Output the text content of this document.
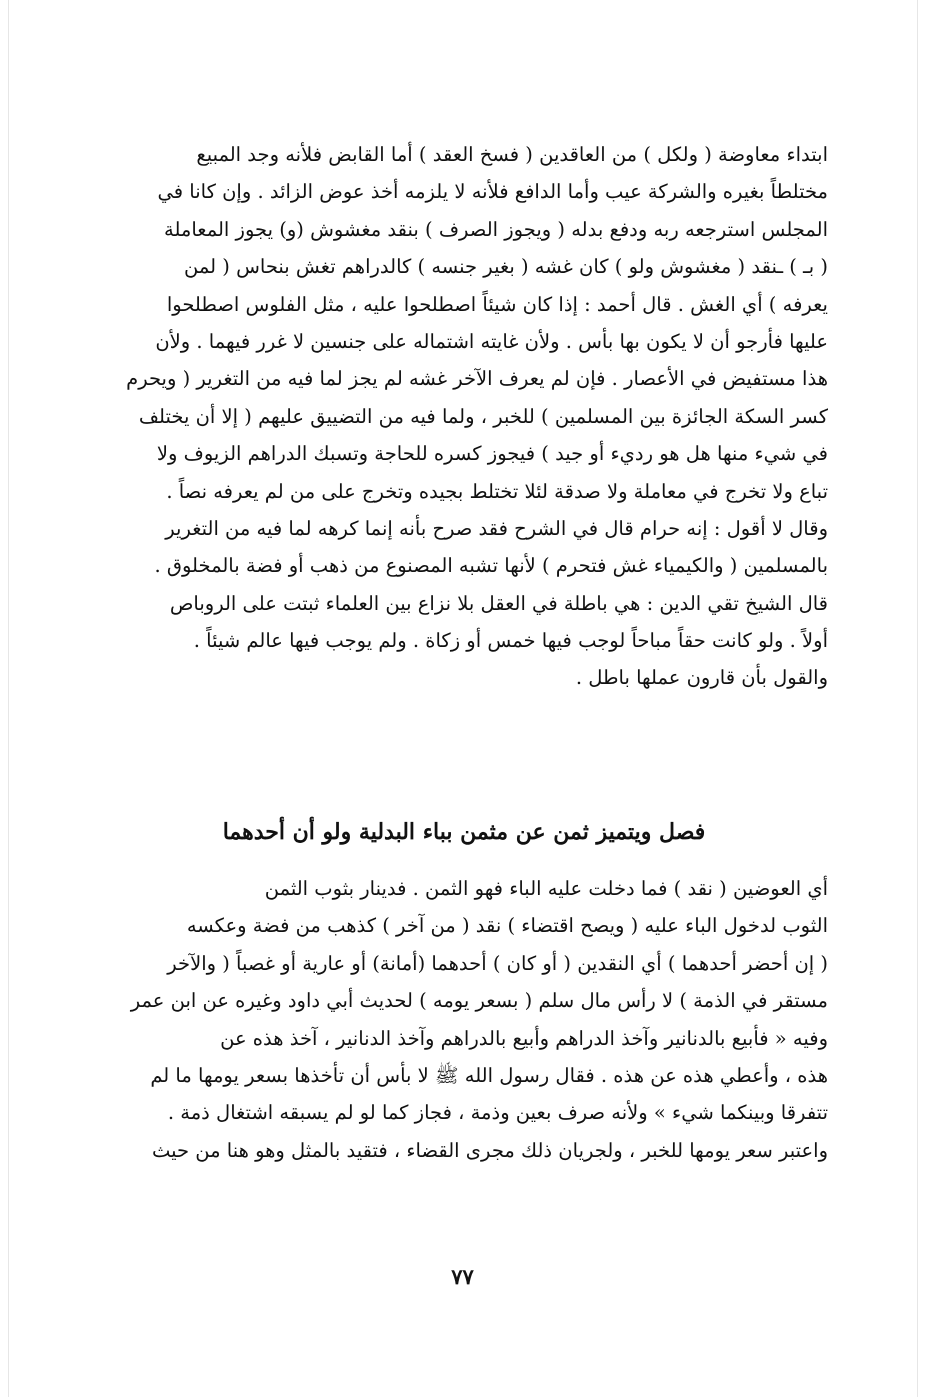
ابتداء معاوضة ( ولكل ) من العاقدين ( فسخ العقد ) أما القابض فلأنه وجد المبيع
مختلطاً بغيره والشركة عيب وأما الدافع فلأنه لا يلزمه أخذ عوض الزائد . وإن كانا في
المجلس استرجعه ربه ودفع بدله ( ويجوز الصرف ) بنقد مغشوش (و) يجوز المعاملة
( بـ ) ـنقد ( مغشوش ولو ) كان غشه ( بغير جنسه ) كالدراهم تغش بنحاس ( لمن
يعرفه ) أي الغش . قال أحمد : إذا كان شيئاً اصطلحوا عليه ، مثل الفلوس اصطلحوا
عليها فأرجو أن لا يكون بها بأس . ولأن غايته اشتماله على جنسين لا غرر فيهما . ولأن
هذا مستفيض في الأعصار . فإن لم يعرف الآخر غشه لم يجز لما فيه من التغرير ( ويحرم
كسر السكة الجائزة بين المسلمين ) للخبر ، ولما فيه من التضييق عليهم ( إلا أن يختلف
في شيء منها هل هو رديء أو جيد ) فيجوز كسره للحاجة وتسبك الدراهم الزيوف ولا
تباع ولا تخرج في معاملة ولا صدقة لئلا تختلط بجيده وتخرج على من لم يعرفه نصاً .
وقال لا أقول : إنه حرام قال في الشرح فقد صرح بأنه إنما كرهه لما فيه من التغرير
بالمسلمين ( والكيمياء غش فتحرم ) لأنها تشبه المصنوع من ذهب أو فضة بالمخلوق .
قال الشيخ تقي الدين : هي باطلة في العقل بلا نزاع بين العلماء ثبتت على الروباص
أولاً . ولو كانت حقاً مباحاً لوجب فيها خمس أو زكاة . ولم يوجب فيها عالم شيئاً .
والقول بأن قارون عملها باطل .
فصل ويتميز ثمن عن مثمن بباء البدلية ولو أن أحدهما
أي العوضين ( نقد ) فما دخلت عليه الباء فهو الثمن . فدينار بثوب الثمن
الثوب لدخول الباء عليه ( ويصح اقتضاء ) نقد ( من آخر ) كذهب من فضة وعكسه
( إن أحضر أحدهما ) أي النقدين ( أو كان ) أحدهما (أمانة) أو عارية أو غصباً ( والآخر
مستقر في الذمة ) لا رأس مال سلم ( بسعر يومه ) لحديث أبي داود وغيره عن ابن عمر
وفيه « فأبيع بالدنانير وآخذ الدراهم وأبيع بالدراهم وآخذ الدنانير ، آخذ هذه عن
هذه ، وأعطي هذه عن هذه . فقال رسول الله ﷺ لا بأس أن تأخذها بسعر يومها ما لم
تتفرقا وبينكما شيء » ولأنه صرف بعين وذمة ، فجاز كما لو لم يسبقه اشتغال ذمة .
واعتبر سعر يومها للخبر ، ولجريان ذلك مجرى القضاء ، فتقيد بالمثل وهو هنا من حيث
٧٧
